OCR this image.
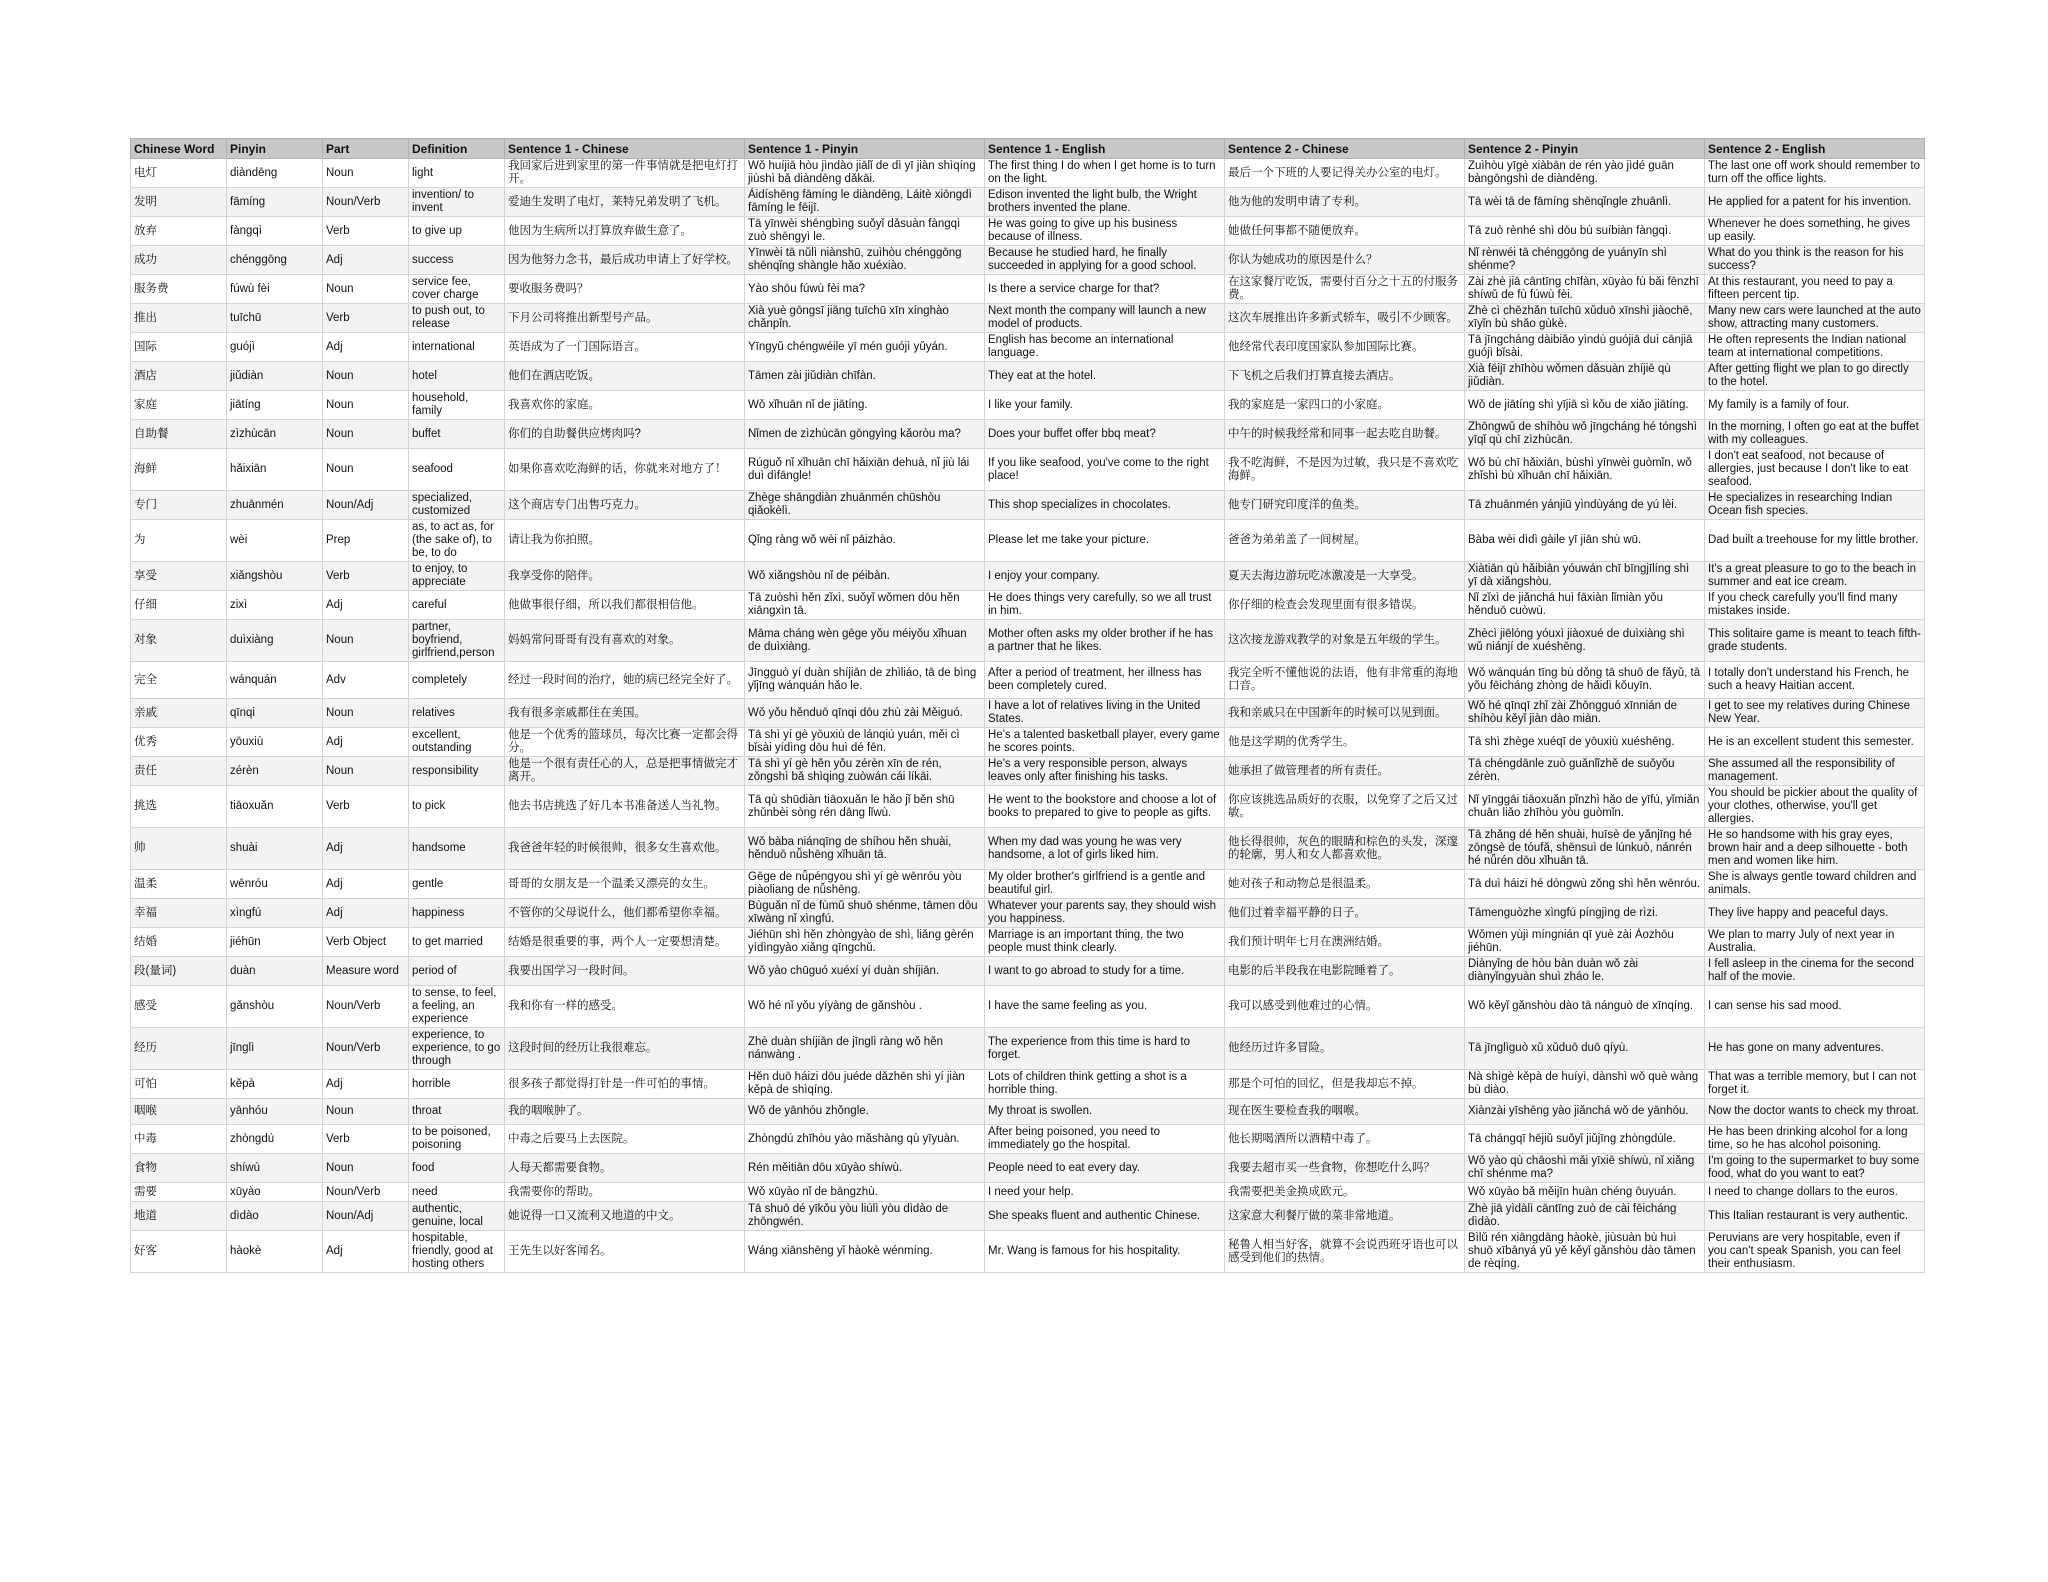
Chinese Word	Pinyin	Part	Definition	Sentence 1 - Chinese	Sentence 1 - Pinyin	Sentence 1 - English	Sentence 2 - Chinese	Sentence 2 - Pinyin	Sentence 2 - English
电灯	diàndēng	Noun	light	我回家后进到家里的第一件事情就是把电灯打开。	Wǒ huíjiā hòu jìndào jiālǐ de dì yī jiàn shìqíng jiùshì bǎ diàndēng dǎkāi.	The first thing I do when I get home is to turn on the light.	最后一个下班的人要记得关办公室的电灯。	Zuìhòu yīgè xiàbān de rén yào jìdé guān bàngōngshì de diàndēng.	The last one off work should remember to turn off the office lights.
发明	fāmíng	Noun/Verb	invention/ to invent	爱迪生发明了电灯，莱特兄弟发明了飞机。	Àidíshēng fāmíng le diàndēng, Láitè xiōngdì fāmíng le fēijī.	Edison invented the light bulb, the Wright brothers invented the plane.	他为他的发明申请了专利。	Tā wèi tā de fāmíng shēnqǐngle zhuānlì.	He applied for a patent for his invention.
放弃	fàngqì	Verb	to give up	他因为生病所以打算放弃做生意了。	Tā yīnwèi shēngbìng suǒyǐ dǎsuàn fàngqì zuò shēngyì le.	He was going to give up his business because of illness.	她做任何事都不随便放弃。	Tā zuò rènhé shì dōu bù suíbiàn fàngqì.	Whenever he does something, he gives up easily.
成功	chénggōng	Adj	success	因为他努力念书，最后成功申请上了好学校。	Yīnwèi tā nǔlì niànshū, zuìhòu chénggōng shēnqǐng shàngle hǎo xuéxiào.	Because he studied hard, he finally succeeded in applying for a good school.	你认为她成功的原因是什么？	Nǐ rènwéi tā chénggōng de yuányīn shì shénme?	What do you think is the reason for his success?
服务费	fúwù fèi	Noun	service fee, cover charge	要收服务费吗？	Yào shōu fúwù fèi ma?	Is there a service charge for that?	在这家餐厅吃饭，需要付百分之十五的付服务费。	Zài zhè jiā cāntīng chīfàn, xūyào fù bǎi fēnzhī shíwǔ de fù fúwù fèi.	At this restaurant, you need to pay a fifteen percent tip.
推出	tuīchū	Verb	to push out, to release	下月公司将推出新型号产品。	Xià yuè gōngsī jiāng tuīchū xīn xínghào chǎnpǐn.	Next month the company will launch a new model of products.	这次车展推出许多新式轿车，吸引不少顾客。	Zhè cì chēzhǎn tuīchū xǔduō xīnshì jiàochē, xīyǐn bù shǎo gùkè.	Many new cars were launched at the auto show, attracting many customers.
国际	guójì	Adj	international	英语成为了一门国际语言。	Yīngyǔ chéngwéile yī mén guójì yǔyán.	English has become an international language.	他经常代表印度国家队参加国际比赛。	Tā jīngcháng dàibiǎo yìndù guójiā duì cānjiā guójì bǐsài.	He often represents the Indian national team at international competitions.
酒店	jiǔdiàn	Noun	hotel	他们在酒店吃饭。	Tāmen zài jiǔdiàn chīfàn.	They eat at the hotel.	下飞机之后我们打算直接去酒店。	Xià fēijī zhīhòu wǒmen dǎsuàn zhíjiē qù jiǔdiàn.	After getting flight we plan to go directly to the hotel.
家庭	jiātíng	Noun	household, family	我喜欢你的家庭。	Wǒ xǐhuān nǐ de jiātíng.	I like your family.	我的家庭是一家四口的小家庭。	Wǒ de jiātíng shì yījiā sì kǒu de xiǎo jiātíng.	My family is a family of four.
自助餐	zìzhùcān	Noun	buffet	你们的自助餐供应烤肉吗?	Nǐmen de zìzhùcān gōngyìng kǎoròu ma?	Does your buffet offer bbq meat?	中午的时候我经常和同事一起去吃自助餐。	Zhōngwǔ de shíhòu wǒ jīngcháng hé tóngshì yīqǐ qù chī zìzhùcān.	In the morning, I often go eat at the buffet with my colleagues.
海鲜	hǎixiān	Noun	seafood	如果你喜欢吃海鲜的话，你就来对地方了！	Rúguǒ nǐ xǐhuān chī hǎixiān dehuà, nǐ jiù lái duì dìfāngle!	If you like seafood, you've come to the right place!	我不吃海鲜，不是因为过敏，我只是不喜欢吃海鲜。	Wǒ bù chī hǎixiān, bùshì yīnwèi guòmǐn, wǒ zhǐshì bù xǐhuān chī hǎixiān.	I don't eat seafood, not because of allergies, just because I don't like to eat seafood.
专门	zhuānmén	Noun/Adj	specialized, customized	这个商店专门出售巧克力。	Zhège shāngdiàn zhuānmén chūshòu qiǎokèlì.	This shop specializes in chocolates.	他专门研究印度洋的鱼类。	Tā zhuānmén yánjiū yìndùyáng de yú lèi.	He specializes in researching Indian Ocean fish species.
为	wèi	Prep	as, to act as, for (the sake of), to be, to do	请让我为你拍照。	Qǐng ràng wǒ wèi nǐ pāizhào.	Please let me take your picture.	爸爸为弟弟盖了一间树屋。	Bàba wèi dìdì gàile yī jiān shù wū.	Dad built a treehouse for my little brother.
享受	xiǎngshòu	Verb	to enjoy, to appreciate	我享受你的陪伴。	Wǒ xiǎngshòu nǐ de péibàn.	I enjoy your company.	夏天去海边游玩吃冰激凌是一大享受。	Xiàtiān qù hǎibiān yóuwán chī bīngjīlíng shì yī dà xiǎngshòu.	It's a great pleasure to go to the beach in summer and eat ice cream.
仔细	zixì	Adj	careful	他做事很仔细，所以我们都很相信他。	Tā zuòshì hěn zǐxì, suǒyǐ wǒmen dōu hěn xiāngxìn tā.	He does things very carefully, so we all trust in him.	你仔细的检查会发现里面有很多错误。	Nǐ zǐxì de jiǎnchá huì fāxiàn lǐmiàn yǒu hěnduō cuòwù.	If you check carefully you'll find many mistakes inside.
对象	duìxiàng	Noun	partner, boyfriend, girlfriend,person	妈妈常问哥哥有没有喜欢的对象。	Māma cháng wèn gēge yǒu méiyǒu xǐhuan de duìxiàng.	Mother often asks my older brother if he has a partner that he likes.	这次接龙游戏教学的对象是五年级的学生。	Zhècì jiēlóng yóuxì jiàoxué de duìxiàng shì wǔ niánjí de xuéshēng.	This solitaire game is meant to teach fifth-grade students.
完全	wánquán	Adv	completely	经过一段时间的治疗，她的病已经完全好了。	Jīngguò yí duàn shíjiān de zhìliáo, tā de bìng yǐjīng wánquán hǎo le.	After a period of treatment, her illness has been completely cured.	我完全听不懂他说的法语，他有非常重的海地口音。	Wǒ wánquán tīng bù dǒng tā shuō de fǎyǔ, tā yǒu fēicháng zhòng de hǎidì kǒuyīn.	I totally don't understand his French, he such a heavy Haitian accent.
亲戚	qīnqi	Noun	relatives	我有很多亲戚都住在美国。	Wǒ yǒu hěnduō qīnqi dōu zhù zài Měiguó.	I have a lot of relatives living in the United States.	我和亲戚只在中国新年的时候可以见到面。	Wǒ hé qīnqī zhǐ zài Zhōngguó xīnnián de shíhòu kěyǐ jiàn dào miàn.	I get to see my relatives during Chinese New Year.
优秀	yōuxiù	Adj	excellent, outstanding	他是一个优秀的篮球员，每次比赛一定都会得分。	Tā shì yí gè yōuxiù de lánqiú yuán, měi cì bǐsài yídìng dōu huì dé fēn.	He's a talented basketball player, every game he scores points.	他是这学期的优秀学生。	Tā shì zhège xuéqī de yōuxiù xuéshēng.	He is an excellent student this semester.
责任	zérèn	Noun	responsibility	他是一个很有责任心的人，总是把事情做完才离开。	Tā shì yí gè hěn yǒu zérèn xīn de rén, zǒngshì bǎ shìqing zuòwán cái líkāi.	He's a very responsible person, always leaves only after finishing his tasks.	她承担了做管理者的所有责任。	Tā chéngdānle zuò guǎnlǐzhě de suǒyǒu zérèn.	She assumed all the responsibility of management.
挑选	tiāoxuǎn	Verb	to pick	他去书店挑选了好几本书准备送人当礼物。	Tā qù shūdiàn tiāoxuǎn le hǎo jǐ běn shū zhǔnbèi sòng rén dāng lǐwù.	He went to the bookstore and choose a lot of books to prepared to give to people as gifts.	你应该挑选品质好的衣服，以免穿了之后又过敏。	Nǐ yīnggāi tiāoxuǎn pǐnzhì hǎo de yīfú, yǐmiǎn chuān liǎo zhīhòu yòu guòmǐn.	You should be pickier about the quality of your clothes, otherwise, you'll get allergies.
帅	shuài	Adj	handsome	我爸爸年轻的时候很帅，很多女生喜欢他。	Wǒ bàba niánqīng de shíhou hěn shuài, hěnduō nǚshēng xǐhuān tā.	When my dad was young he was very handsome, a lot of girls liked him.	他长得很帅，灰色的眼睛和棕色的头发，深邃的轮廓，男人和女人都喜欢他。	Tā zhǎng dé hěn shuài, huīsè de yǎnjīng hé zōngsè de tóufǎ, shēnsuì de lúnkuò, nánrén hé nǚrén dōu xǐhuān tā.	He so handsome with his gray eyes, brown hair and a deep silhouette - both men and women like him.
温柔	wēnróu	Adj	gentle	哥哥的女朋友是一个温柔又漂亮的女生。	Gēge de nǚpéngyou shì yí gè wēnróu yòu piàoliang de nǚshēng.	My older brother's girlfriend is a gentle and beautiful girl.	她对孩子和动物总是很温柔。	Tā duì háizi hé dòngwù zǒng shì hěn wēnróu.	She is always gentle toward children and animals.
幸福	xìngfú	Adj	happiness	不管你的父母说什么，他们都希望你幸福。	Bùguǎn nǐ de fùmǔ shuō shénme, tāmen dōu xīwàng nǐ xìngfú.	Whatever your parents say, they should wish you happiness.	他们过着幸福平静的日子。	Tāmenguòzhe xìngfú píngjìng de rìzi.	They live happy and peaceful days.
结婚	jiéhūn	Verb Object	to get married	结婚是很重要的事，两个人一定要想清楚。	Jiéhūn shì hěn zhòngyào de shì, liǎng gèrén yídìngyào xiǎng qīngchǔ.	Marriage is an important thing, the two people must think clearly.	我们预计明年七月在澳洲结婚。	Wǒmen yùjì míngnián qī yuè zài Àozhōu jiéhūn.	We plan to marry July of next year in Australia.
段(量词)	duàn	Measure word	period of	我要出国学习一段时间。	Wǒ yào chūguó xuéxí yí duàn shíjiān.	I want to go abroad to study for a time.	电影的后半段我在电影院睡着了。	Diànyǐng de hòu bàn duàn wǒ zài diànyǐngyuàn shuì zháo le.	I fell asleep in the cinema for the second half of the movie.
感受	gǎnshòu	Noun/Verb	to sense, to feel, a feeling, an experience	我和你有一样的感受。	Wǒ hé nǐ yǒu yíyàng de gǎnshòu .	I have the same feeling as you.	我可以感受到他难过的心情。	Wǒ kěyǐ gǎnshòu dào tā nánguò de xīnqíng.	I can sense his sad mood.
经历	jīnglì	Noun/Verb	experience, to experience, to go through	这段时间的经历让我很难忘。	Zhè duàn shíjiān de jīnglì ràng wǒ hěn nánwàng .	The experience from this time is hard to forget.	他经历过许多冒险。	Tā jīnglìguò xǔ xǔduō duō qíyù.	He has gone on many adventures.
可怕	kěpà	Adj	horrible	很多孩子都觉得打针是一件可怕的事情。	Hěn duō háizi dōu juéde dǎzhēn shì yí jiàn kěpà de shìqíng.	Lots of children think getting a shot is a horrible thing.	那是个可怕的回忆，但是我却忘不掉。	Nà shìgè kěpà de huíyì, dànshì wǒ què wàng bù diào.	That was a terrible memory, but I can not forget it.
咽喉	yānhóu	Noun	throat	我的咽喉肿了。	Wǒ de yānhóu zhǒngle.	My throat is swollen.	现在医生要检查我的咽喉。	Xiànzài yīshēng yào jiǎnchá wǒ de yānhóu.	Now the doctor wants to check my throat.
中毒	zhòngdú	Verb	to be poisoned, poisoning	中毒之后要马上去医院。	Zhòngdú zhīhòu yào mǎshàng qù yīyuàn.	After being poisoned, you need to immediately go the hospital.	他长期喝酒所以酒精中毒了。	Tā chángqī hējiǔ suǒyǐ jiǔjīng zhòngdúle.	He has been drinking alcohol for a long time, so he has alcohol poisoning.
食物	shíwù	Noun	food	人每天都需要食物。	Rén měitiān dōu xūyào shíwù.	People need to eat every day.	我要去超市买一些食物，你想吃什么吗？	Wǒ yào qù chāoshì mǎi yīxiē shíwù, nǐ xiǎng chī shénme ma?	I'm going to the supermarket to buy some food, what do you want to eat?
需要	xūyào	Noun/Verb	need	我需要你的帮助。	Wǒ xūyào nǐ de bāngzhù.	I need your help.	我需要把美金换成欧元。	Wǒ xūyào bǎ měijīn huàn chéng ōuyuán.	I need to change dollars to the euros.
地道	dìdào	Noun/Adj	authentic, genuine, local	她说得一口又流利又地道的中文。	Tā shuō dé yīkǒu yòu liúlì yòu dìdào de zhōngwén.	She speaks fluent and authentic Chinese.	这家意大利餐厅做的菜非常地道。	Zhè jiā yìdàlì cāntīng zuò de cài fēicháng dìdào.	This Italian restaurant is very authentic.
好客	hàokè	Adj	hospitable, friendly, good at hosting others	王先生以好客闻名。	Wáng xiānshēng yǐ hàokè wénmíng.	Mr. Wang is famous for his hospitality.	秘鲁人相当好客，就算不会说西班牙语也可以感受到他们的热情。	Bìlǔ rén xiāngdāng hàokè, jiùsuàn bù huì shuō xībānyá yǔ yě kěyǐ gǎnshòu dào tāmen de rèqíng.	Peruvians are very hospitable, even if you can't speak Spanish, you can feel their enthusiasm.
